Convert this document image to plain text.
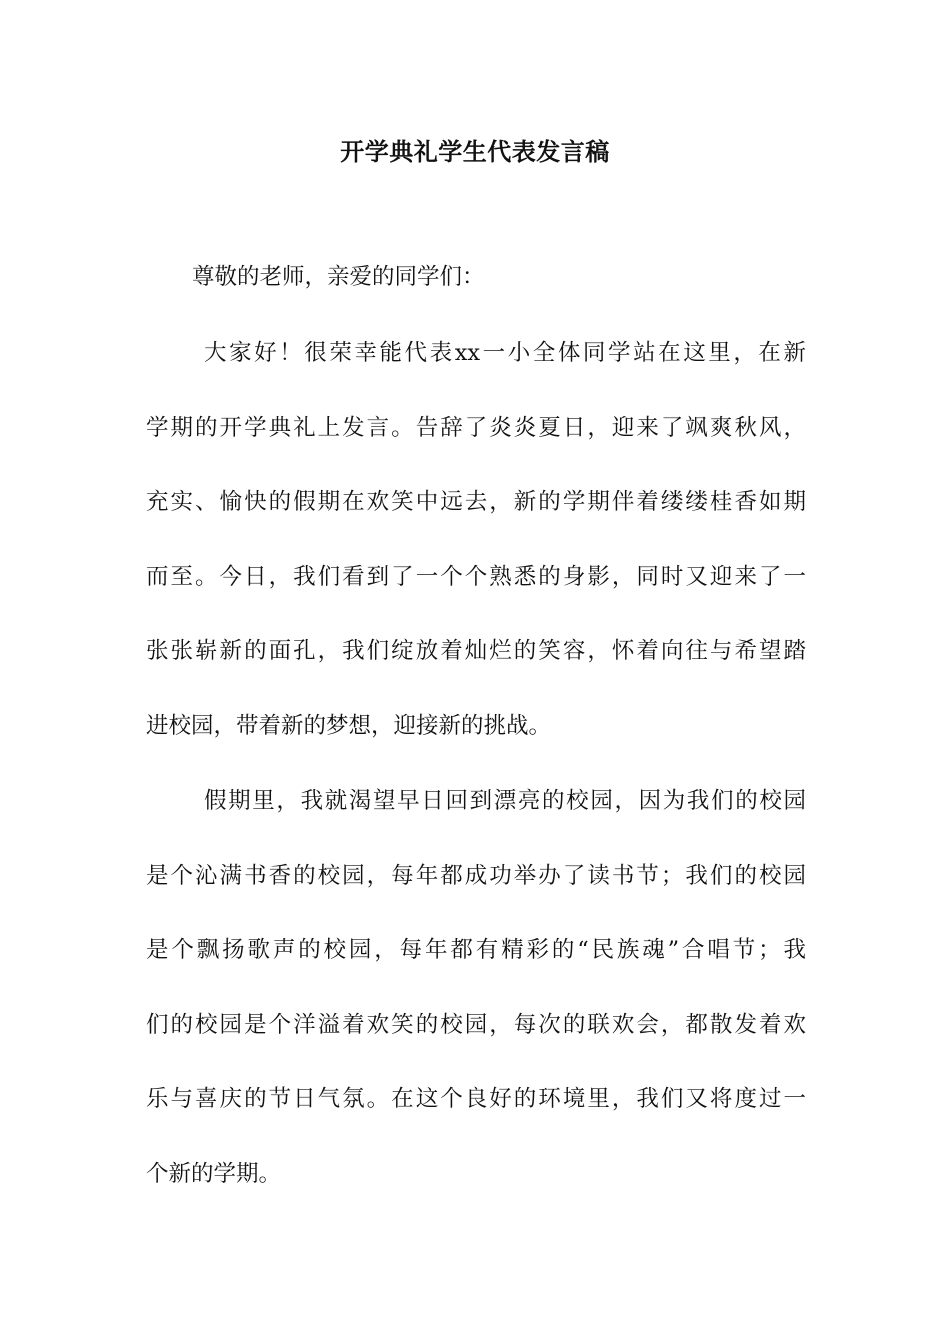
开学典礼学生代表发言稿
尊敬的老师，亲爱的同学们：
大家好！很荣幸能代表xx一小全体同学站在这里，在新
学期的开学典礼上发言。告辞了炎炎夏日，迎来了飒爽秋风，
充实、愉快的假期在欢笑中远去，新的学期伴着缕缕桂香如期
而至。今日，我们看到了一个个熟悉的身影，同时又迎来了一
张张崭新的面孔，我们绽放着灿烂的笑容，怀着向往与希望踏
进校园，带着新的梦想，迎接新的挑战。
假期里，我就渴望早日回到漂亮的校园，因为我们的校园
是个沁满书香的校园，每年都成功举办了读书节；我们的校园
是个飘扬歌声的校园，每年都有精彩的“民族魂”合唱节；我
们的校园是个洋溢着欢笑的校园，每次的联欢会，都散发着欢
乐与喜庆的节日气氛。在这个良好的环境里，我们又将度过一
个新的学期。
